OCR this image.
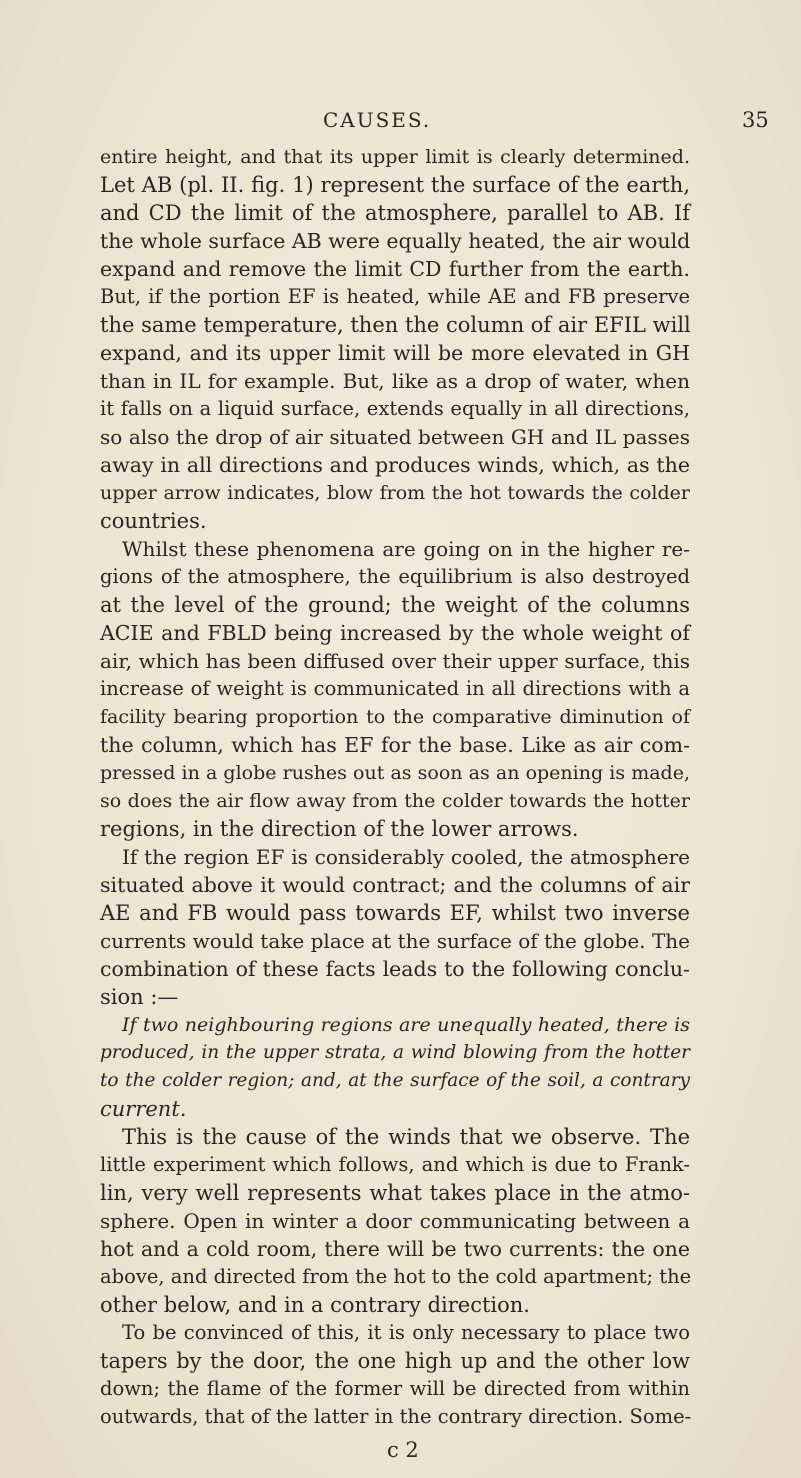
CAUSES.	35
entire height, and that its upper limit is clearly determined.
Let AB (pl. II. fig. 1) represent the surface of the earth,
and CD the limit of the atmosphere, parallel to AB. If
the whole surface AB were equally heated, the air would
expand and remove the limit CD further from the earth.
But, if the portion EF is heated, while AE and FB preserve
the same temperature, then the column of air EFIL will
expand, and its upper limit will be more elevated in GH
than in IL for example. But, like as a drop of water, when
it falls on a liquid surface, extends equally in all directions,
so also the drop of air situated between GH and IL passes
away in all directions and produces winds, which, as the
upper arrow indicates, blow from the hot towards the colder
countries.
Whilst these phenomena are going on in the higher re-
gions of the atmosphere, the equilibrium is also destroyed
at the level of the ground; the weight of the columns
ACIE and FBLD being increased by the whole weight of
air, which has been diffused over their upper surface, this
increase of weight is communicated in all directions with a
facility bearing proportion to the comparative diminution of
the column, which has EF for the base. Like as air com-
pressed in a globe rushes out as soon as an opening is made,
so does the air flow away from the colder towards the hotter
regions, in the direction of the lower arrows.
If the region EF is considerably cooled, the atmosphere
situated above it would contract; and the columns of air
AE and FB would pass towards EF, whilst two inverse
currents would take place at the surface of the globe. The
combination of these facts leads to the following conclu-
sion :—
If two neighbouring regions are unequally heated, there is
produced, in the upper strata, a wind blowing from the hotter
to the colder region; and, at the surface of the soil, a contrary
current.
This is the cause of the winds that we observe. The
little experiment which follows, and which is due to Frank-
lin, very well represents what takes place in the atmo-
sphere. Open in winter a door communicating between a
hot and a cold room, there will be two currents: the one
above, and directed from the hot to the cold apartment; the
other below, and in a contrary direction.
To be convinced of this, it is only necessary to place two
tapers by the door, the one high up and the other low
down; the flame of the former will be directed from within
outwards, that of the latter in the contrary direction. Some-
c 2
